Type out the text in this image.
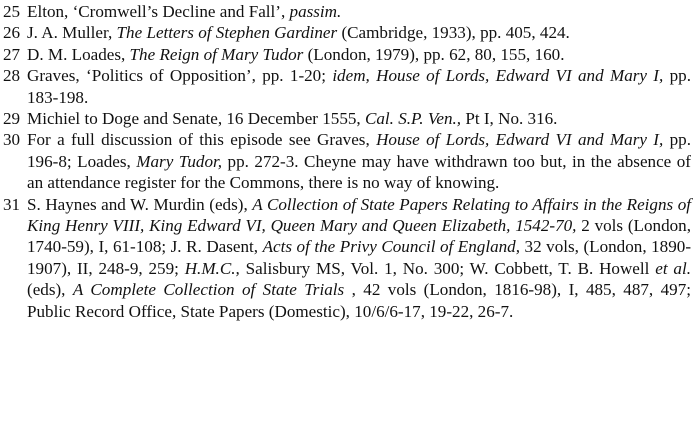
25 Elton, ‘Cromwell’s Decline and Fall’, passim.
26 J. A. Muller, The Letters of Stephen Gardiner (Cambridge, 1933), pp. 405, 424.
27 D. M. Loades, The Reign of Mary Tudor (London, 1979), pp. 62, 80, 155, 160.
28 Graves, ‘Politics of Opposition’, pp. 1-20; idem, House of Lords, Edward VI and Mary I, pp. 183-198.
29 Michiel to Doge and Senate, 16 December 1555, Cal. S.P. Ven., Pt I, No. 316.
30 For a full discussion of this episode see Graves, House of Lords, Edward VI and Mary I, pp. 196-8; Loades, Mary Tudor, pp. 272-3. Cheyne may have withdrawn too but, in the absence of an attendance register for the Commons, there is no way of knowing.
31 S. Haynes and W. Murdin (eds), A Collection of State Papers Relating to Affairs in the Reigns of King Henry VIII, King Edward VI, Queen Mary and Queen Elizabeth, 1542-70, 2 vols (London, 1740-59), I, 61-108; J. R. Dasent, Acts of the Privy Council of England, 32 vols, (London, 1890-1907), II, 248-9, 259; H.M.C., Salisbury MS, Vol. 1, No. 300; W. Cobbett, T. B. Howell et al. (eds), A Complete Collection of State Trials , 42 vols (London, 1816-98), I, 485, 487, 497; Public Record Office, State Papers (Domestic), 10/6/6-17, 19-22, 26-7.
